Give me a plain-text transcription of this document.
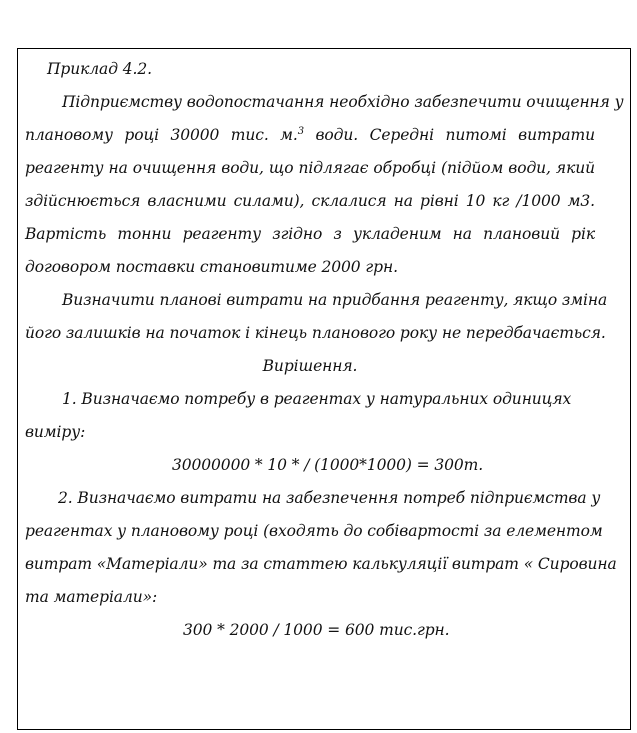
Приклад 4.2.
Підприємству водопостачання необхідно забезпечити очищення у
плановому році 30000 тис. м.$^3$ води. Середні питомі витрати
реагенту на очищення води, що підлягає обробці (підйом води, який
здійснюється власними силами), склалися на рівні 10 кг /1000 м3.
Вартість тонни реагенту згідно з укладеним на плановий рік
договором поставки становитиме 2000 грн.
Визначити планові витрати на придбання реагенту, якщо зміна
його залишків на початок і кінець планового року не передбачається.
Вирішення.
1. Визначаємо потребу в реагентах у натуральних одиницях
виміру:
30000000 * 10 * / (1000*1000) = 300т.
2. Визначаємо витрати на забезпечення потреб підприємства у
реагентах у плановому році (входять до собівартості за елементом
витрат «Матеріали» та за статтею калькуляції витрат « Сировина
та матеріали»:
300 * 2000 / 1000 = 600 тис.грн.
